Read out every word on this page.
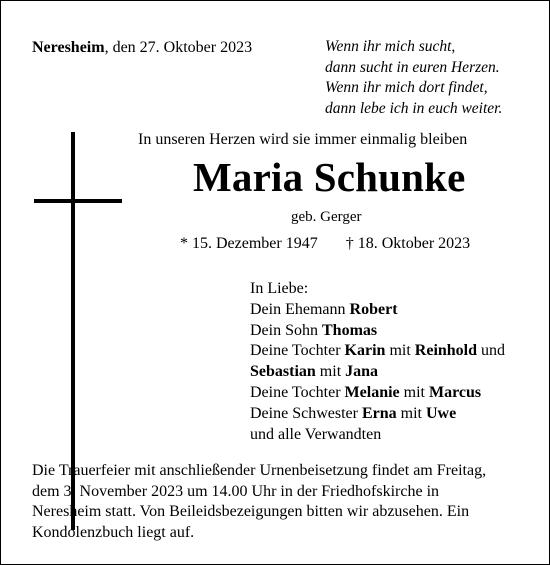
Neresheim, den 27. Oktober 2023	Wenn ihr mich sucht,
dann sucht in euren Herzen.
Wenn ihr mich dort findet,
dann lebe ich in euch weiter.
In unseren Herzen wird sie immer einmalig bleiben
Maria Schunke
geb. Gerger
* 15. Dezember 1947 † 18. Oktober 2023
In Liebe:
Dein Ehemann Robert
Dein Sohn Thomas
Deine Tochter Karin mit Reinhold und
Sebastian mit Jana
Deine Tochter Melanie mit Marcus
Deine Schwester Erna mit Uwe
und alle Verwandten
Die Trauerfeier mit anschließender Urnenbeisetzung findet am Freitag,
dem 3. November 2023 um 14.00 Uhr in der Friedhofskirche in
Neresheim statt. Von Beileidsbezeigungen bitten wir abzusehen. Ein
Kondolenzbuch liegt auf.
